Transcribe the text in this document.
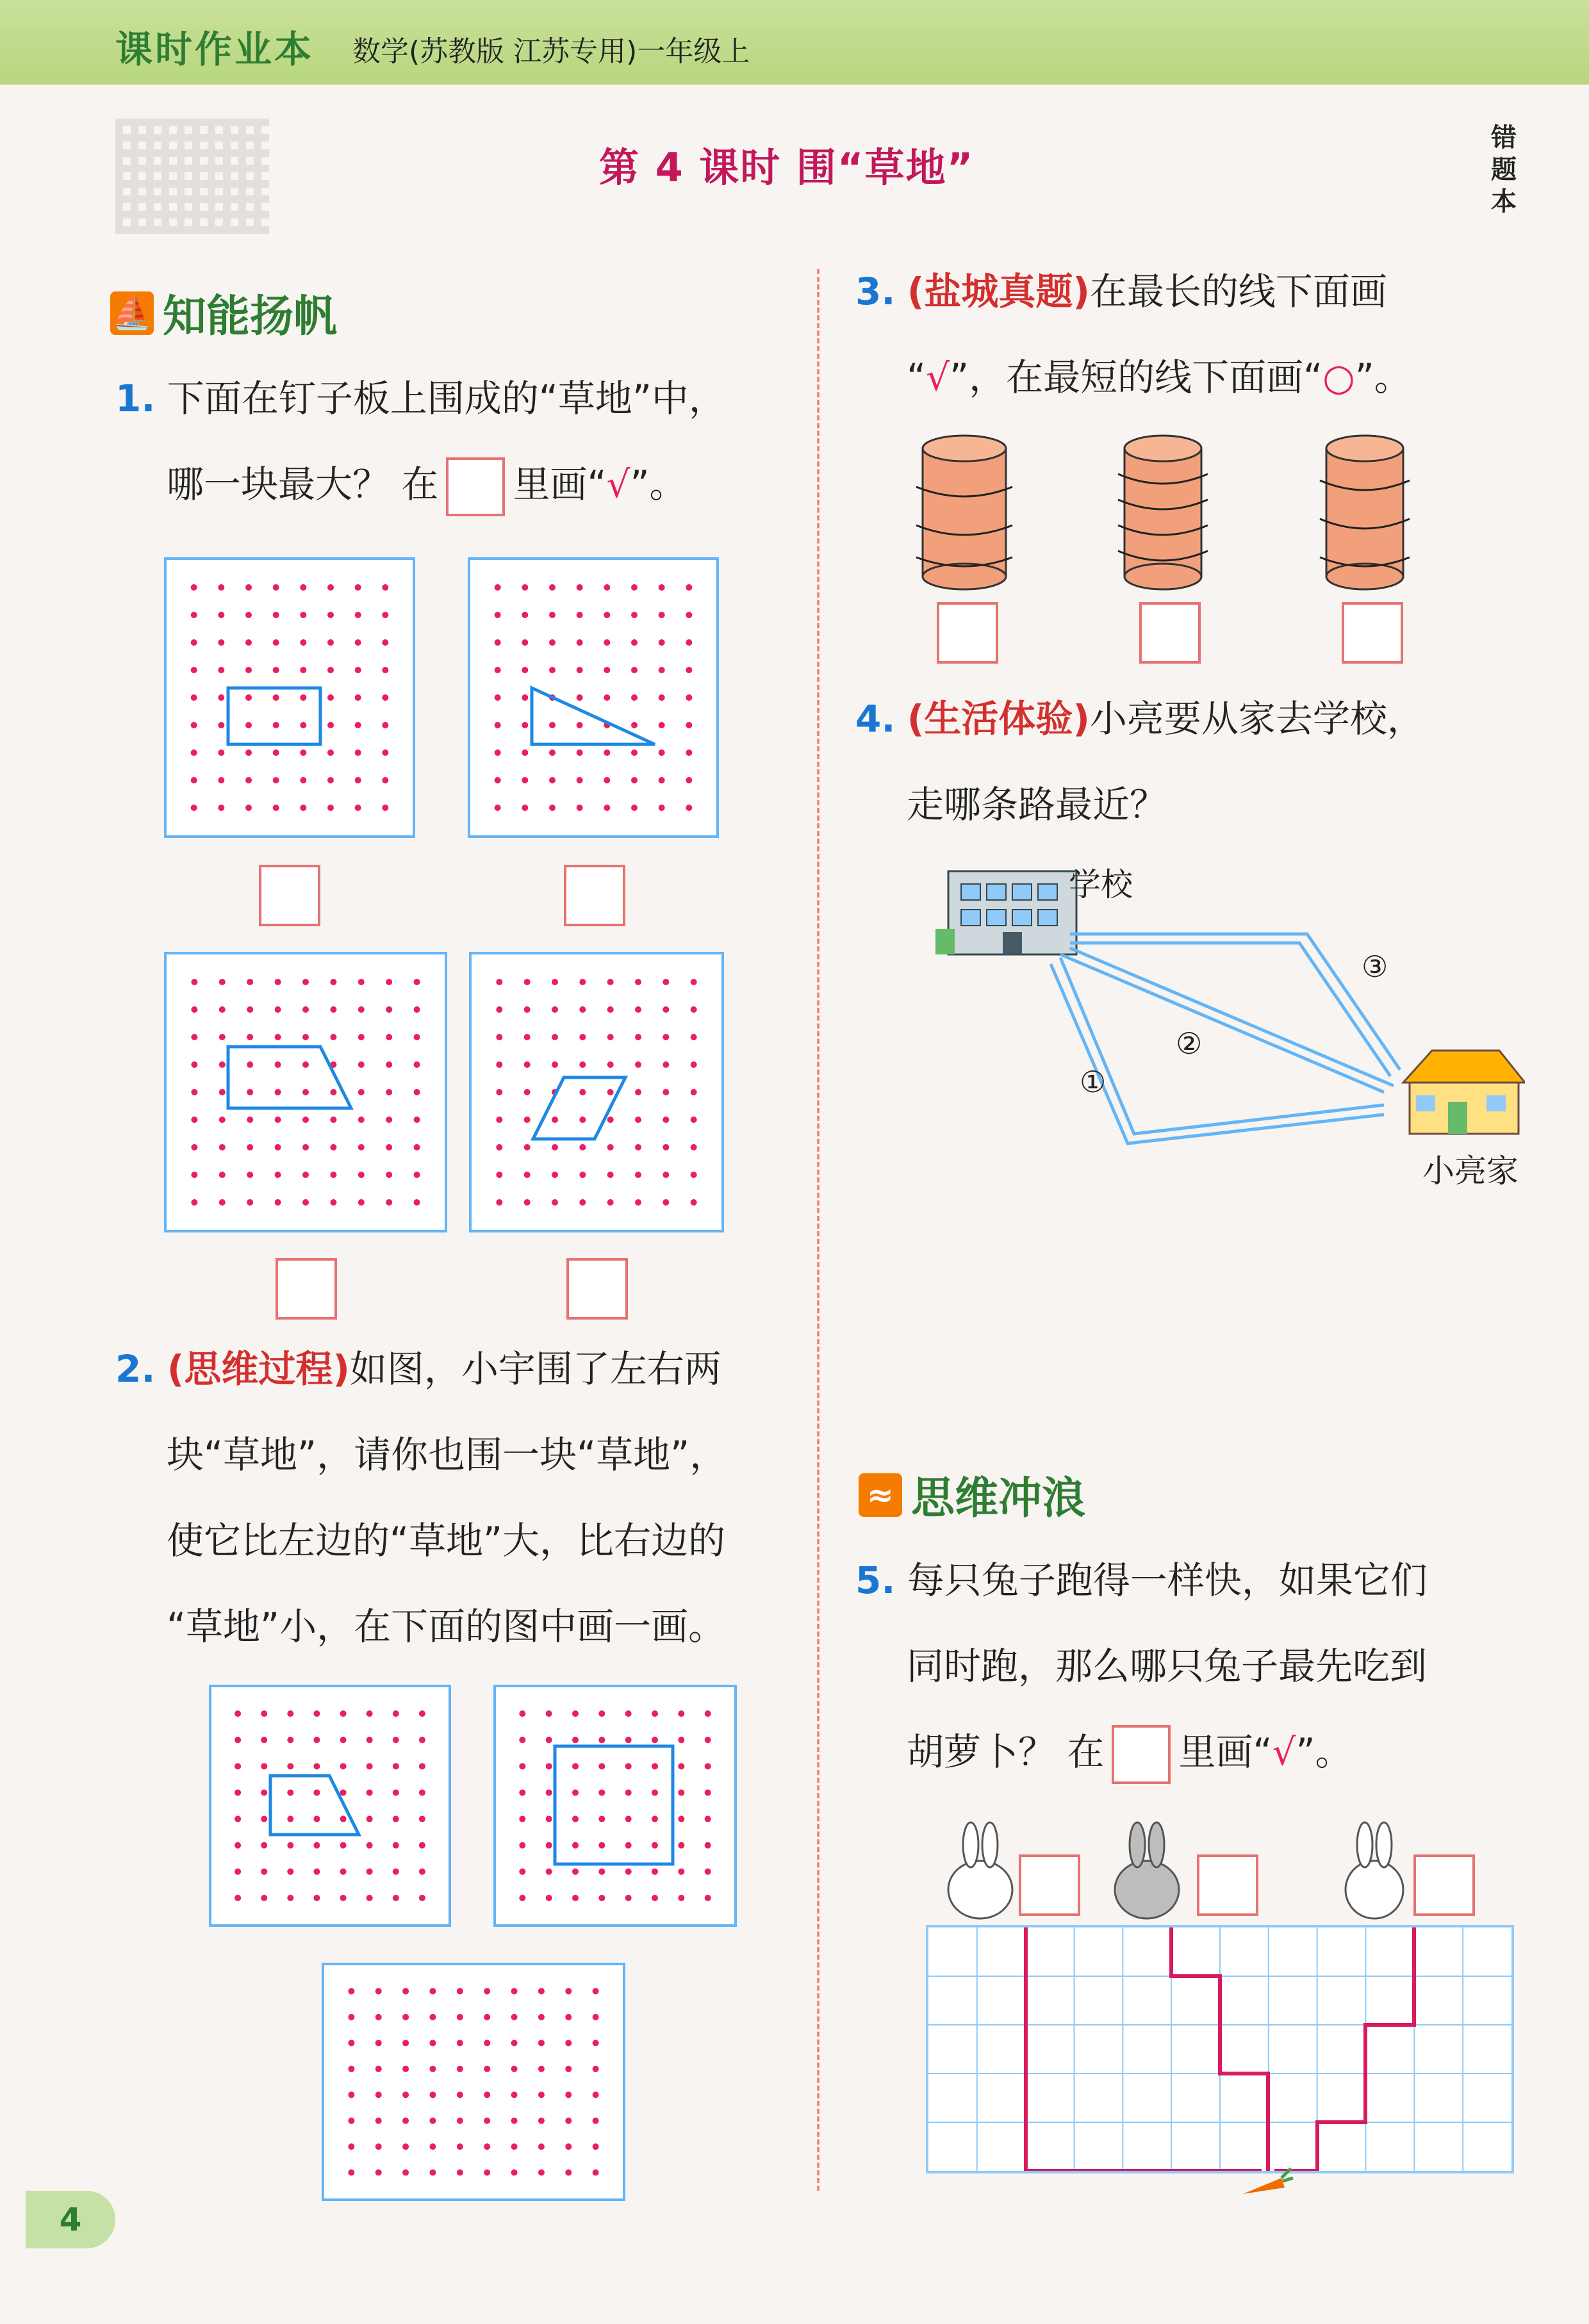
课时作业本 数学(苏教版 江苏专用)一年级上
第 4 课时 围“草地”
错题本
⛵ 知能扬帆
1. 下面在钉子板上围成的“草地”中，
哪一块最大？ 在 里画“√”。
2. (思维过程)如图，小宇围了左右两
块“草地”，请你也围一块“草地”，
使它比左边的“草地”大，比右边的
“草地”小，在下面的图中画一画。
3. (盐城真题)在最长的线下面画
“√”，在最短的线下面画“○”。
4. (生活体验)小亮要从家去学校，
走哪条路最近？
学校
③
②
①
小亮家
≈ 思维冲浪
5. 每只兔子跑得一样快，如果它们
同时跑，那么哪只兔子最先吃到
胡萝卜？ 在 里画“√”。
4
